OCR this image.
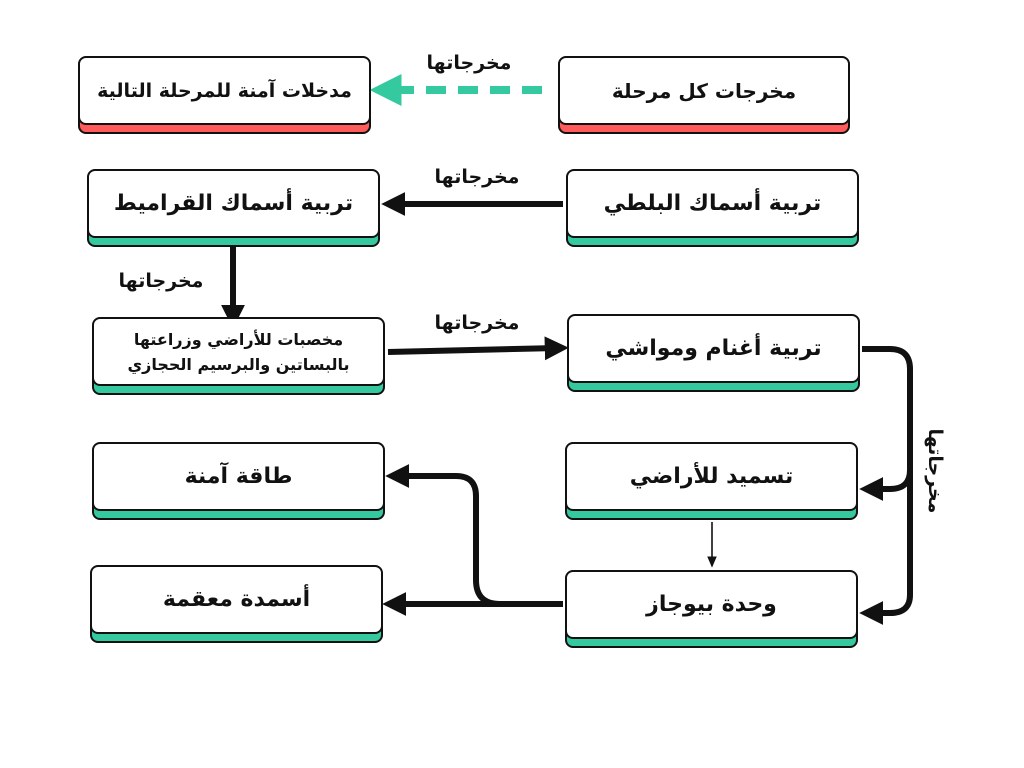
مخرجات كل مرحلة
مدخلات آمنة للمرحلة التالية
تربية أسماك البلطي
تربية أسماك القراميط
مخصبات للأراضي وزراعتها
بالبساتين والبرسيم الحجازي
تربية أغنام ومواشي
تسميد للأراضي
طاقة آمنة
وحدة بيوجاز
أسمدة معقمة
مخرجاتها
مخرجاتها
مخرجاتها
مخرجاتها
مخرجاتها
